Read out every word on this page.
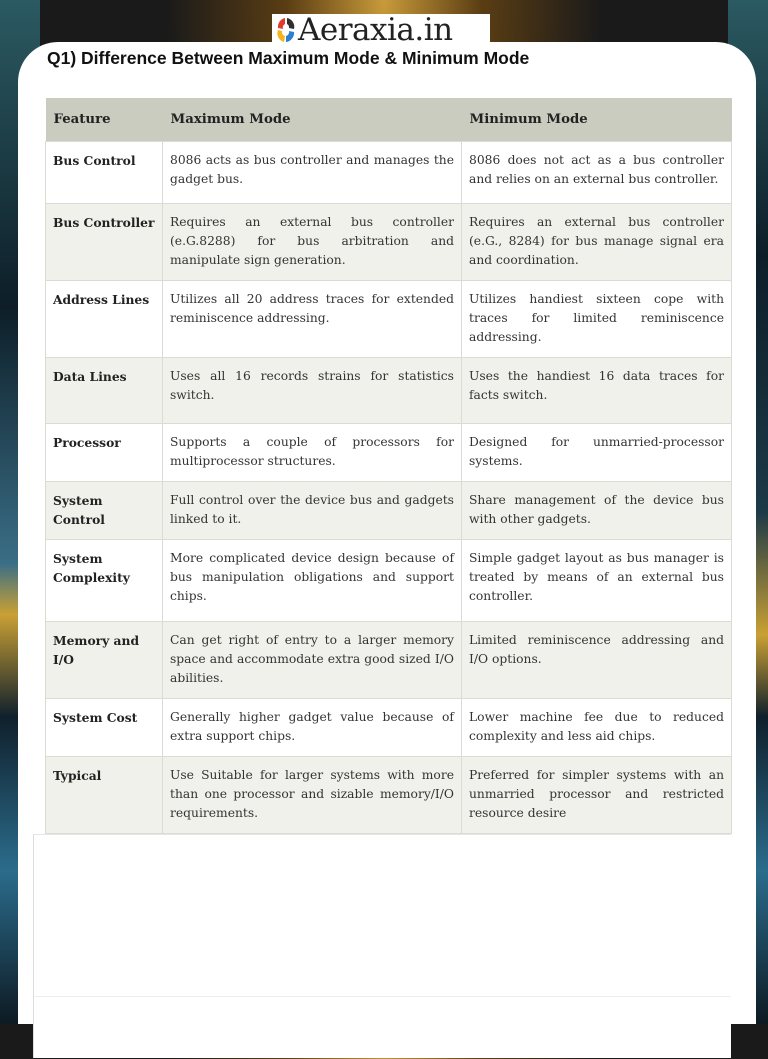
Aeraxia.in
Q1) Difference Between Maximum Mode & Minimum Mode
Feature	Maximum Mode	Minimum Mode
Bus Control	8086 acts as bus controller and manages the gadget bus.	8086 does not act as a bus controller and relies on an external bus controller.
Bus Controller	Requires an external bus controller (e.G.8288) for bus arbitration and manipulate sign generation.	Requires an external bus controller (e.G., 8284) for bus manage signal era and coordination.
Address Lines	Utilizes all 20 address traces for extended reminiscence addressing.	Utilizes handiest sixteen cope with traces for limited reminiscence addressing.
Data Lines	Uses all 16 records strains for statistics switch.	Uses the handiest 16 data traces for facts switch.
Processor	Supports a couple of processors for multiprocessor structures.	Designed for unmarried-processor systems.
System Control	Full control over the device bus and gadgets linked to it.	Share management of the device bus with other gadgets.
System Complexity	More complicated device design because of bus manipulation obligations and support chips.	Simple gadget layout as bus manager is treated by means of an external bus controller.
Memory and I/O	Can get right of entry to a larger memory space and accommodate extra good sized I/O abilities.	Limited reminiscence addressing and I/O options.
System Cost	Generally higher gadget value because of extra support chips.	Lower machine fee due to reduced complexity and less aid chips.
Typical	Use Suitable for larger systems with more than one processor and sizable memory/I/O requirements.	Preferred for simpler systems with an unmarried processor and restricted resource desire
